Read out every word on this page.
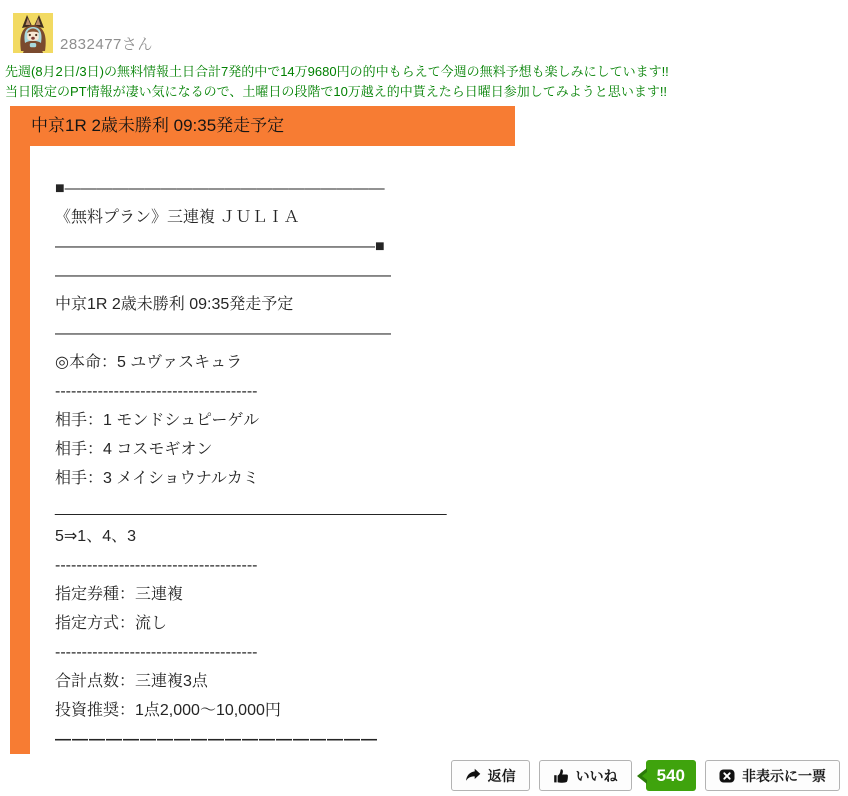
2832477さん
先週(8月2日/3日)の無料情報土日合計7発的中で14万9680円の的中もらえて今週の無料予想も楽しみにしています!!
当日限定のPT情報が凄い気になるので、土曜日の段階で10万越え的中貰えたら日曜日参加してみようと思います!!
中京1R 2歳未勝利 09:35発走予定
■――――――――――――――――――――
《無料プラン》三連複 ＪＵＬＩＡ
――――――――――――――――――――■
―――――――――――――――――――――
中京1R 2歳未勝利 09:35発走予定
―――――――――――――――――――――
◎本命：5 ユヴァスキュラ
--------------------------------------
相手：1 モンドシュピーゲル
相手：4 コスモギオン
相手：3 メイショウナルカミ
____________________________________________
5⇒1、4、3
--------------------------------------
指定券種：三連複
指定方式：流し
--------------------------------------
合計点数：三連複3点
投資推奨：1点2,000～10,000円
―――――――――――――――――――
返信	いいね	540	非表示に一票
